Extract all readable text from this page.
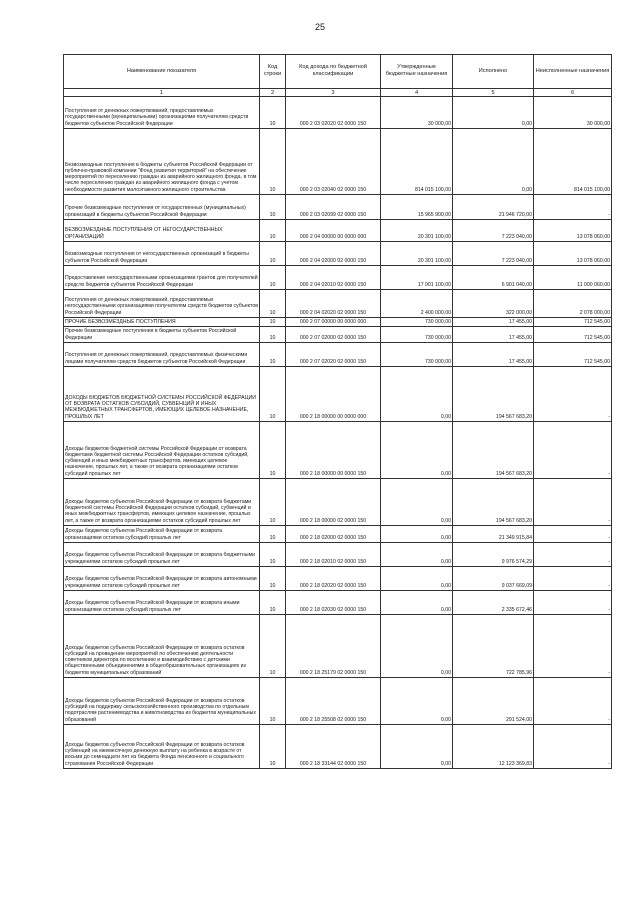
25
Наименование показателя	Код строки	Код дохода по бюджетной классификации	Утвержденные бюджетные назначения	Исполнено	Неисполненные назначения
1	2	3	4	5	6
Поступления от денежных пожертвований, предоставляемых государственными (муниципальными) организациями получателям средств бюджетов субъектов Российской Федерации	10	000 2 03 02020 02 0000 150	30 000,00	0,00	30 000,00
Безвозмездные поступления в бюджеты субъектов Российской Федерации от публично-правовой компании "Фонд развития территорий" на обеспечение мероприятий по переселению граждан из аварийного жилищного фонда, в том числе переселению граждан из аварийного жилищного фонда с учетом необходимости развития малоэтажного жилищного строительства	10	000 2 03 02040 02 0000 150	814 015 100,00	0,00	814 015 100,00
Прочие безвозмездные поступления от государственных (муниципальных) организаций в бюджеты субъектов Российской Федерации	10	000 2 03 02099 02 0000 150	15 965 900,00	21 946 720,00	-
БЕЗВОЗМЕЗДНЫЕ ПОСТУПЛЕНИЯ ОТ НЕГОСУДАРСТВЕННЫХ ОРГАНИЗАЦИЙ	10	000 2 04 00000 00 0000 000	20 301 100,00	7 223 040,00	13 078 060,00
Безвозмездные поступления от негосударственных организаций в бюджеты субъектов Российской Федерации	10	000 2 04 02000 02 0000 150	20 301 100,00	7 223 040,00	13 078 060,00
Предоставление негосударственными организациями грантов для получателей средств бюджетов субъектов Российской Федерации	10	000 2 04 02010 02 0000 150	17 901 100,00	6 901 040,00	11 000 060,00
Поступления от денежных пожертвований, предоставляемых негосударственными организациями получателям средств бюджетов субъектов Российской Федерации	10	000 2 04 02020 02 0000 150	2 400 000,00	322 000,00	2 078 000,00
ПРОЧИЕ БЕЗВОЗМЕЗДНЫЕ ПОСТУПЛЕНИЯ	10	000 2 07 00000 00 0000 000	730 000,00	17 455,00	712 545,00
Прочие безвозмездные поступления в бюджеты субъектов Российской Федерации	10	000 2 07 02000 02 0000 150	730 000,00	17 455,00	712 545,00
Поступления от денежных пожертвований, предоставляемых физическими лицами получателям средств бюджетов субъектов Российской Федерации	10	000 2 07 02020 02 0000 150	730 000,00	17 455,00	712 545,00
ДОХОДЫ БЮДЖЕТОВ БЮДЖЕТНОЙ СИСТЕМЫ РОССИЙСКОЙ ФЕДЕРАЦИИ ОТ ВОЗВРАТА ОСТАТКОВ СУБСИДИЙ, СУБВЕНЦИЙ И ИНЫХ МЕЖБЮДЖЕТНЫХ ТРАНСФЕРТОВ, ИМЕЮЩИХ ЦЕЛЕВОЕ НАЗНАЧЕНИЕ, ПРОШЛЫХ ЛЕТ	10	000 2 18 00000 00 0000 000	0,00	194 567 683,20	-
Доходы бюджетов бюджетной системы Российской Федерации от возврата бюджетами бюджетной системы Российской Федерации остатков субсидий, субвенций и иных межбюджетных трансфертов, имеющих целевое назначение, прошлых лет, а также от возврата организациями остатков субсидий прошлых лет	10	000 2 18 00000 00 0000 150	0,00	194 567 683,20	-
Доходы бюджетов субъектов Российской Федерации от возврата бюджетами бюджетной системы Российской Федерации остатков субсидий, субвенций и иных межбюджетных трансфертов, имеющих целевое назначение, прошлых лет, а также от возврата организациями остатков субсидий прошлых лет	10	000 2 18 00000 02 0000 150	0,00	194 567 683,20	-
Доходы бюджетов субъектов Российской Федерации от возврата организациями остатков субсидий прошлых лет	10	000 2 18 02000 02 0000 150	0,00	21 349 915,84	-
Доходы бюджетов субъектов Российской Федерации от возврата бюджетными учреждениями остатков субсидий прошлых лет	10	000 2 18 02010 02 0000 150	0,00	9 976 574,29	-
Доходы бюджетов субъектов Российской Федерации от возврата автономными учреждениями остатков субсидий прошлых лет	10	000 2 18 02020 02 0000 150	0,00	9 037 669,09	-
Доходы бюджетов субъектов Российской Федерации от возврата иными организациями остатков субсидий прошлых лет	10	000 2 18 02030 02 0000 150	0,00	2 335 672,46	-
Доходы бюджетов субъектов Российской Федерации от возврата остатков субсидий на проведение мероприятий по обеспечению деятельности советников директора по воспитанию и взаимодействию с детскими общественными объединениями в общеобразовательных организациях из бюджетов муниципальных образований	10	000 2 18 25179 02 0000 150	0,00	722 785,96	-
Доходы бюджетов субъектов Российской Федерации от возврата остатков субсидий на поддержку сельскохозяйственного производства по отдельным подотраслям растениеводства и животноводства из бюджетов муниципальных образований	10	000 2 18 25508 02 0000 150	0,00	291 524,00	-
Доходы бюджетов субъектов Российской Федерации от возврата остатков субвенций на ежемесячную денежную выплату на ребенка в возрасте от восьми до семнадцати лет из бюджета Фонда пенсионного и социального страхования Российской Федерации	10	000 2 18 33144 02 0000 150	0,00	12 123 369,83	-
